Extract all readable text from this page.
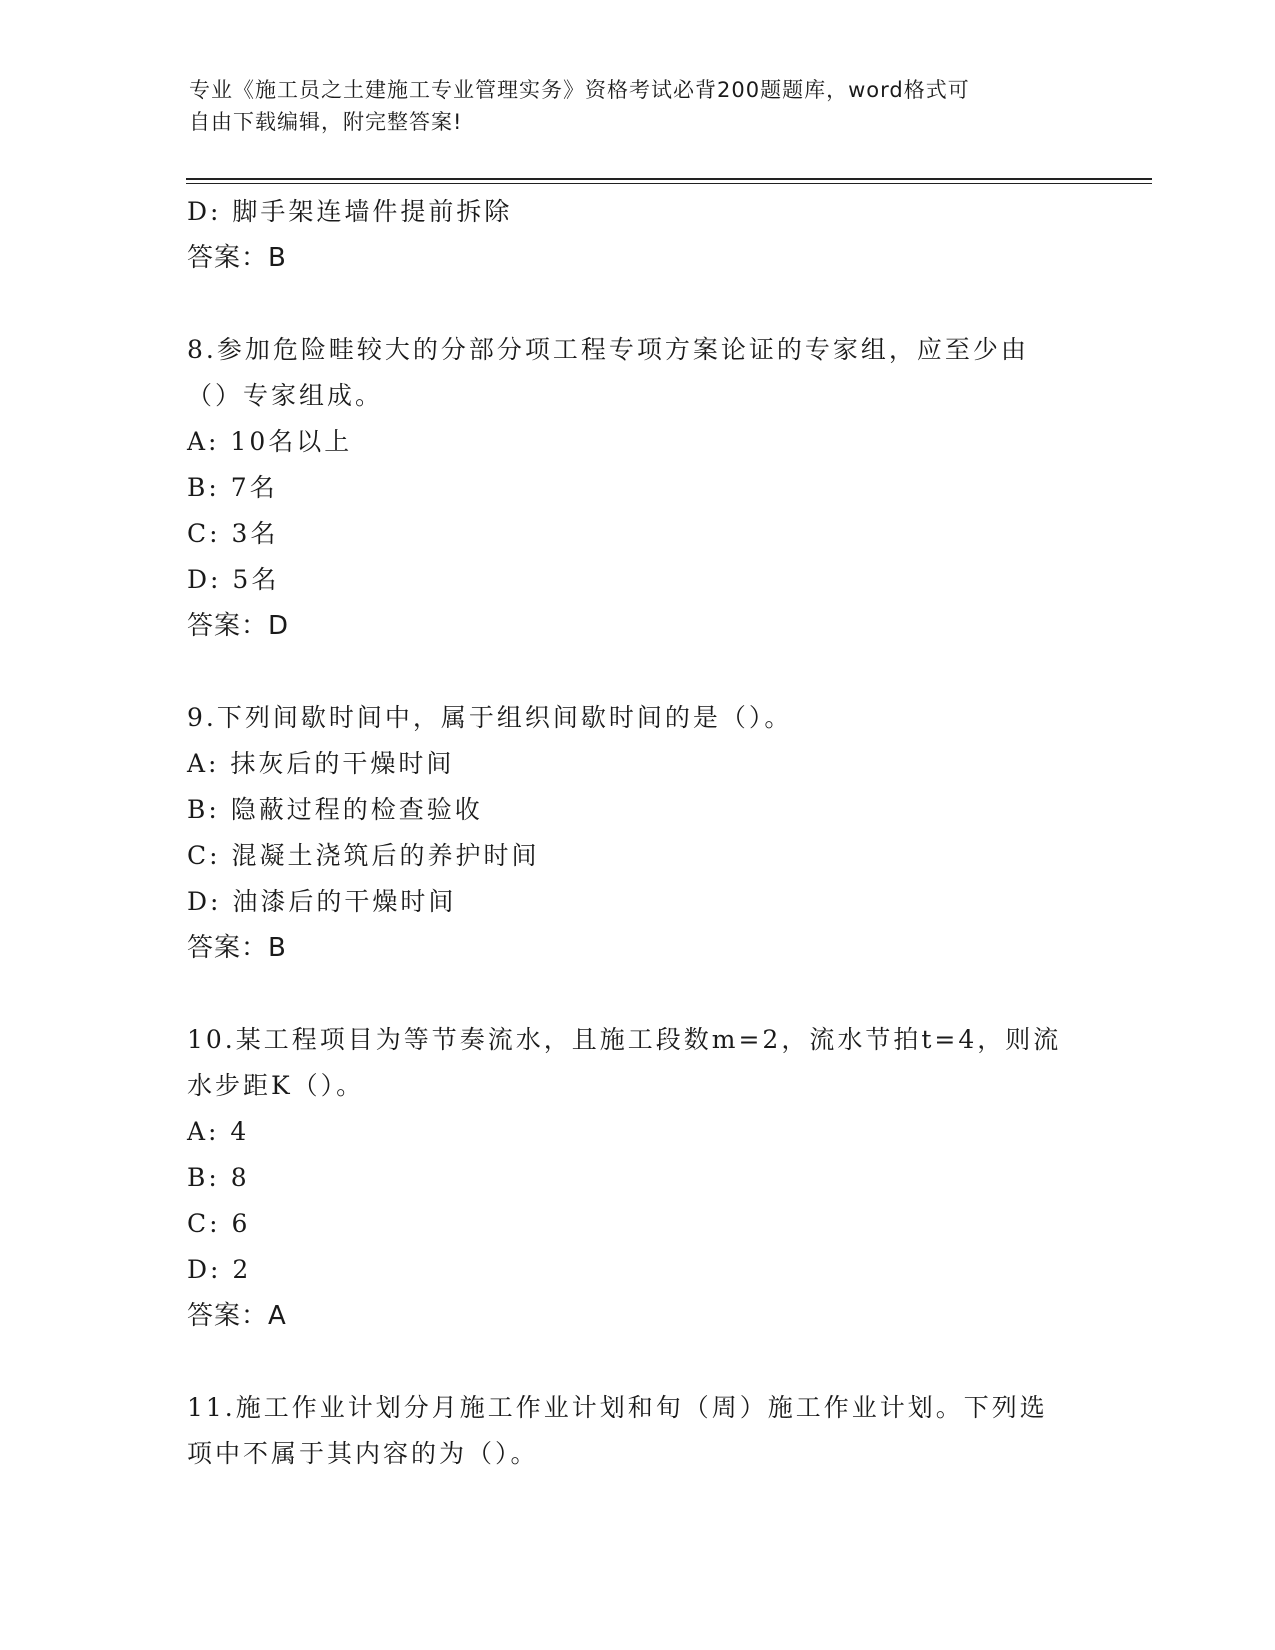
专业《施工员之土建施工专业管理实务》资格考试必背200题题库，word格式可
自由下载编辑，附完整答案!
D: 脚手架连墙件提前拆除
答案：B
8.参加危险畦较大的分部分项工程专项方案论证的专家组，应至少由
（）专家组成。
A: 10名以上
B: 7名
C: 3名
D: 5名
答案：D
9.下列间歇时间中，属于组织间歇时间的是（）。
A: 抹灰后的干燥时间
B: 隐蔽过程的检查验收
C: 混凝土浇筑后的养护时间
D: 油漆后的干燥时间
答案：B
10.某工程项目为等节奏流水，且施工段数m=2，流水节拍t=4，则流
水步距K（）。
A: 4
B: 8
C: 6
D: 2
答案：A
11.施工作业计划分月施工作业计划和旬（周）施工作业计划。下列选
项中不属于其内容的为（）。
